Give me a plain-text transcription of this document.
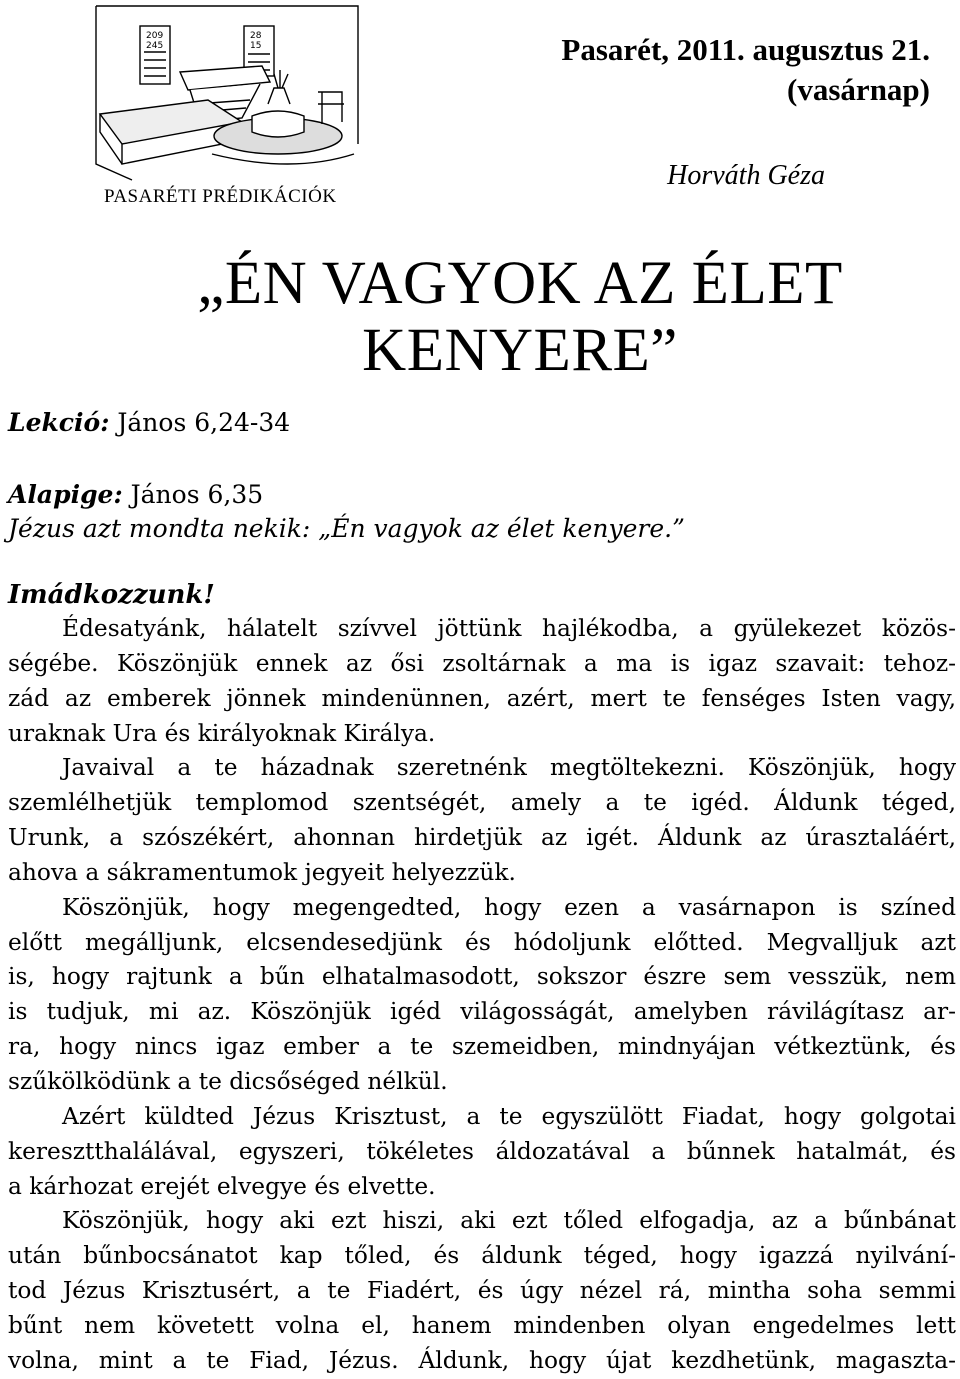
209
245
28
15
PASARÉTI PRÉDIKÁCIÓK
Pasarét, 2011. augusztus 21.
(vasárnap)
Horváth Géza
„ÉN VAGYOK AZ ÉLET
KENYERE”
Lekció: János 6,24-34
Alapige: János 6,35
Jézus azt mondta nekik: „Én vagyok az élet kenyere.”
Imádkozzunk!
Édesatyánk, hálatelt szívvel jöttünk hajlékodba, a gyülekezet közös-
ségébe. Köszönjük ennek az ősi zsoltárnak a ma is igaz szavait: tehoz-
zád az emberek jönnek mindenünnen, azért, mert te fenséges Isten vagy,
uraknak Ura és királyoknak Királya.
Javaival a te házadnak szeretnénk megtöltekezni. Köszönjük, hogy
szemlélhetjük templomod szentségét, amely a te igéd. Áldunk téged,
Urunk, a szószékért, ahonnan hirdetjük az igét. Áldunk az úrasztaláért,
ahova a sákramentumok jegyeit helyezzük.
Köszönjük, hogy megengedted, hogy ezen a vasárnapon is színed
előtt megálljunk, elcsendesedjünk és hódoljunk előtted. Megvalljuk azt
is, hogy rajtunk a bűn elhatalmasodott, sokszor észre sem vesszük, nem
is tudjuk, mi az. Köszönjük igéd világosságát, amelyben rávilágítasz ar-
ra, hogy nincs igaz ember a te szemeidben, mindnyájan vétkeztünk, és
szűkölködünk a te dicsőséged nélkül.
Azért küldted Jézus Krisztust, a te egyszülött Fiadat, hogy golgotai
keresztthalálával, egyszeri, tökéletes áldozatával a bűnnek hatalmát, és
a kárhozat erejét elvegye és elvette.
Köszönjük, hogy aki ezt hiszi, aki ezt tőled elfogadja, az a bűnbánat
után bűnbocsánatot kap tőled, és áldunk téged, hogy igazzá nyilvání-
tod Jézus Krisztusért, a te Fiadért, és úgy nézel rá, mintha soha semmi
bűnt nem követett volna el, hanem mindenben olyan engedelmes lett
volna, mint a te Fiad, Jézus. Áldunk, hogy újat kezdhetünk, magaszta-
